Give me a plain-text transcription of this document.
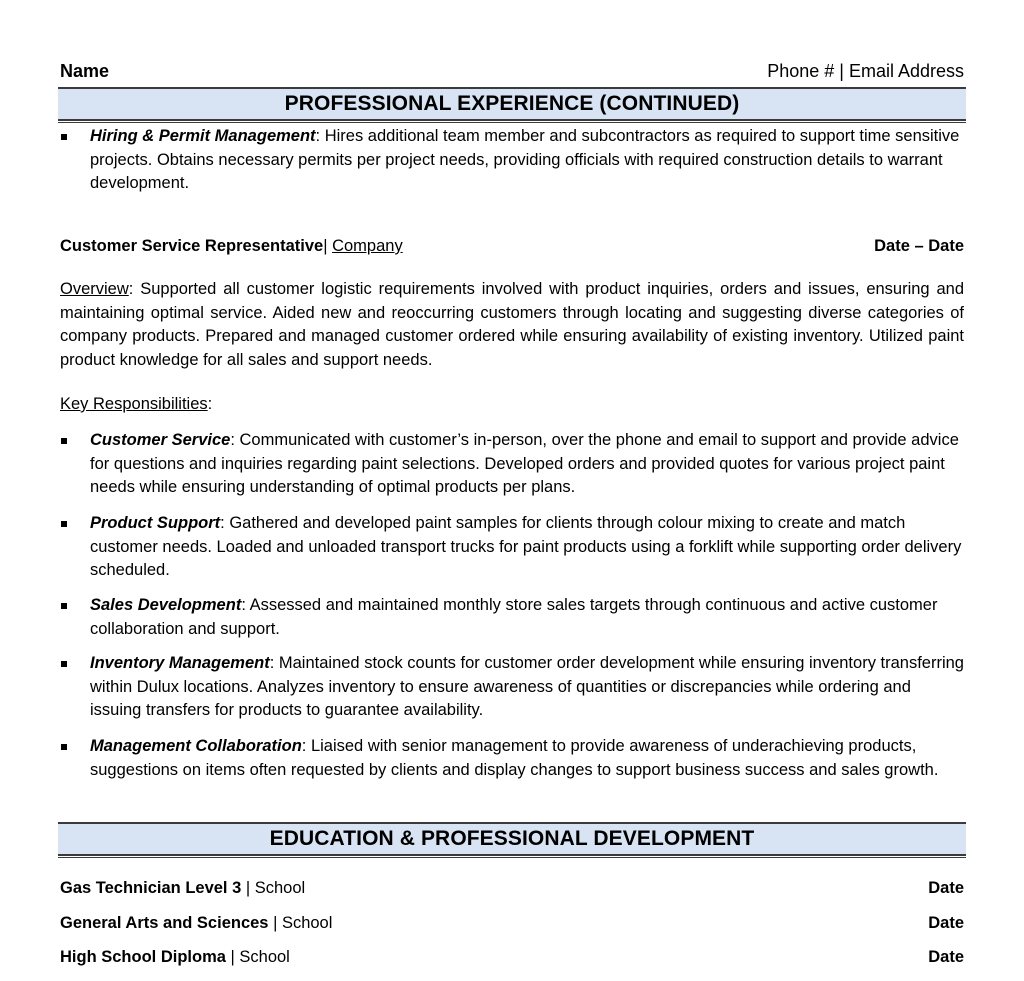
Name	Phone # | Email Address
PROFESSIONAL EXPERIENCE (CONTINUED)
Hiring & Permit Management: Hires additional team member and subcontractors as required to support time sensitive projects. Obtains necessary permits per project needs, providing officials with required construction details to warrant development.
Customer Service Representative| Company	Date – Date
Overview: Supported all customer logistic requirements involved with product inquiries, orders and issues, ensuring and maintaining optimal service. Aided new and reoccurring customers through locating and suggesting diverse categories of company products. Prepared and managed customer ordered while ensuring availability of existing inventory. Utilized paint product knowledge for all sales and support needs.
Key Responsibilities:
Customer Service: Communicated with customer’s in-person, over the phone and email to support and provide advice for questions and inquiries regarding paint selections. Developed orders and provided quotes for various project paint needs while ensuring understanding of optimal products per plans.
Product Support: Gathered and developed paint samples for clients through colour mixing to create and match customer needs. Loaded and unloaded transport trucks for paint products using a forklift while supporting order delivery scheduled.
Sales Development: Assessed and maintained monthly store sales targets through continuous and active customer collaboration and support.
Inventory Management: Maintained stock counts for customer order development while ensuring inventory transferring within Dulux locations. Analyzes inventory to ensure awareness of quantities or discrepancies while ordering and issuing transfers for products to guarantee availability.
Management Collaboration: Liaised with senior management to provide awareness of underachieving products, suggestions on items often requested by clients and display changes to support business success and sales growth.
EDUCATION & PROFESSIONAL DEVELOPMENT
Gas Technician Level 3 | School	Date
General Arts and Sciences | School	Date
High School Diploma | School	Date
